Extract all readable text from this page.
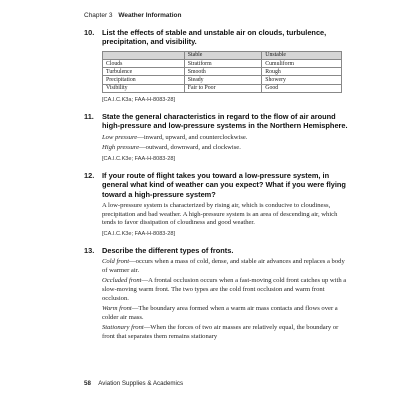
Chapter 3 Weather Information
10. List the effects of stable and unstable air on clouds, turbulence, precipitation, and visibility.
	Stable	Unstable
Clouds	Stratiform	Cumuliform
Turbulence	Smooth	Rough
Precipitation	Steady	Showery
Visibility	Fair to Poor	Good
[CA.I.C.K3a; FAA-H-8083-28]
11. State the general characteristics in regard to the flow of air around high-pressure and low-pressure systems in the Northern Hemisphere.

Low pressure—inward, upward, and counterclockwise.

High pressure—outward, downward, and clockwise.

[CA.I.C.K3e; FAA-H-8083-28]
12. If your route of flight takes you toward a low-pressure system, in general what kind of weather can you expect? What if you were flying toward a high-pressure system?

A low-pressure system is characterized by rising air, which is conducive to cloudiness, precipitation and bad weather. A high-pressure system is an area of descending air, which tends to favor dissipation of cloudiness and good weather.

[CA.I.C.K3e; FAA-H-8083-28]
13. Describe the different types of fronts.

Cold front—occurs when a mass of cold, dense, and stable air advances and replaces a body of warmer air.

Occluded front—A frontal occlusion occurs when a fast-moving cold front catches up with a slow-moving warm front. The two types are the cold front occlusion and warm front occlusion.

Warm front—The boundary area formed when a warm air mass contacts and flows over a colder air mass.

Stationary front—When the forces of two air masses are relatively equal, the boundary or front that separates them remains stationary

58 Aviation Supplies & Academics
